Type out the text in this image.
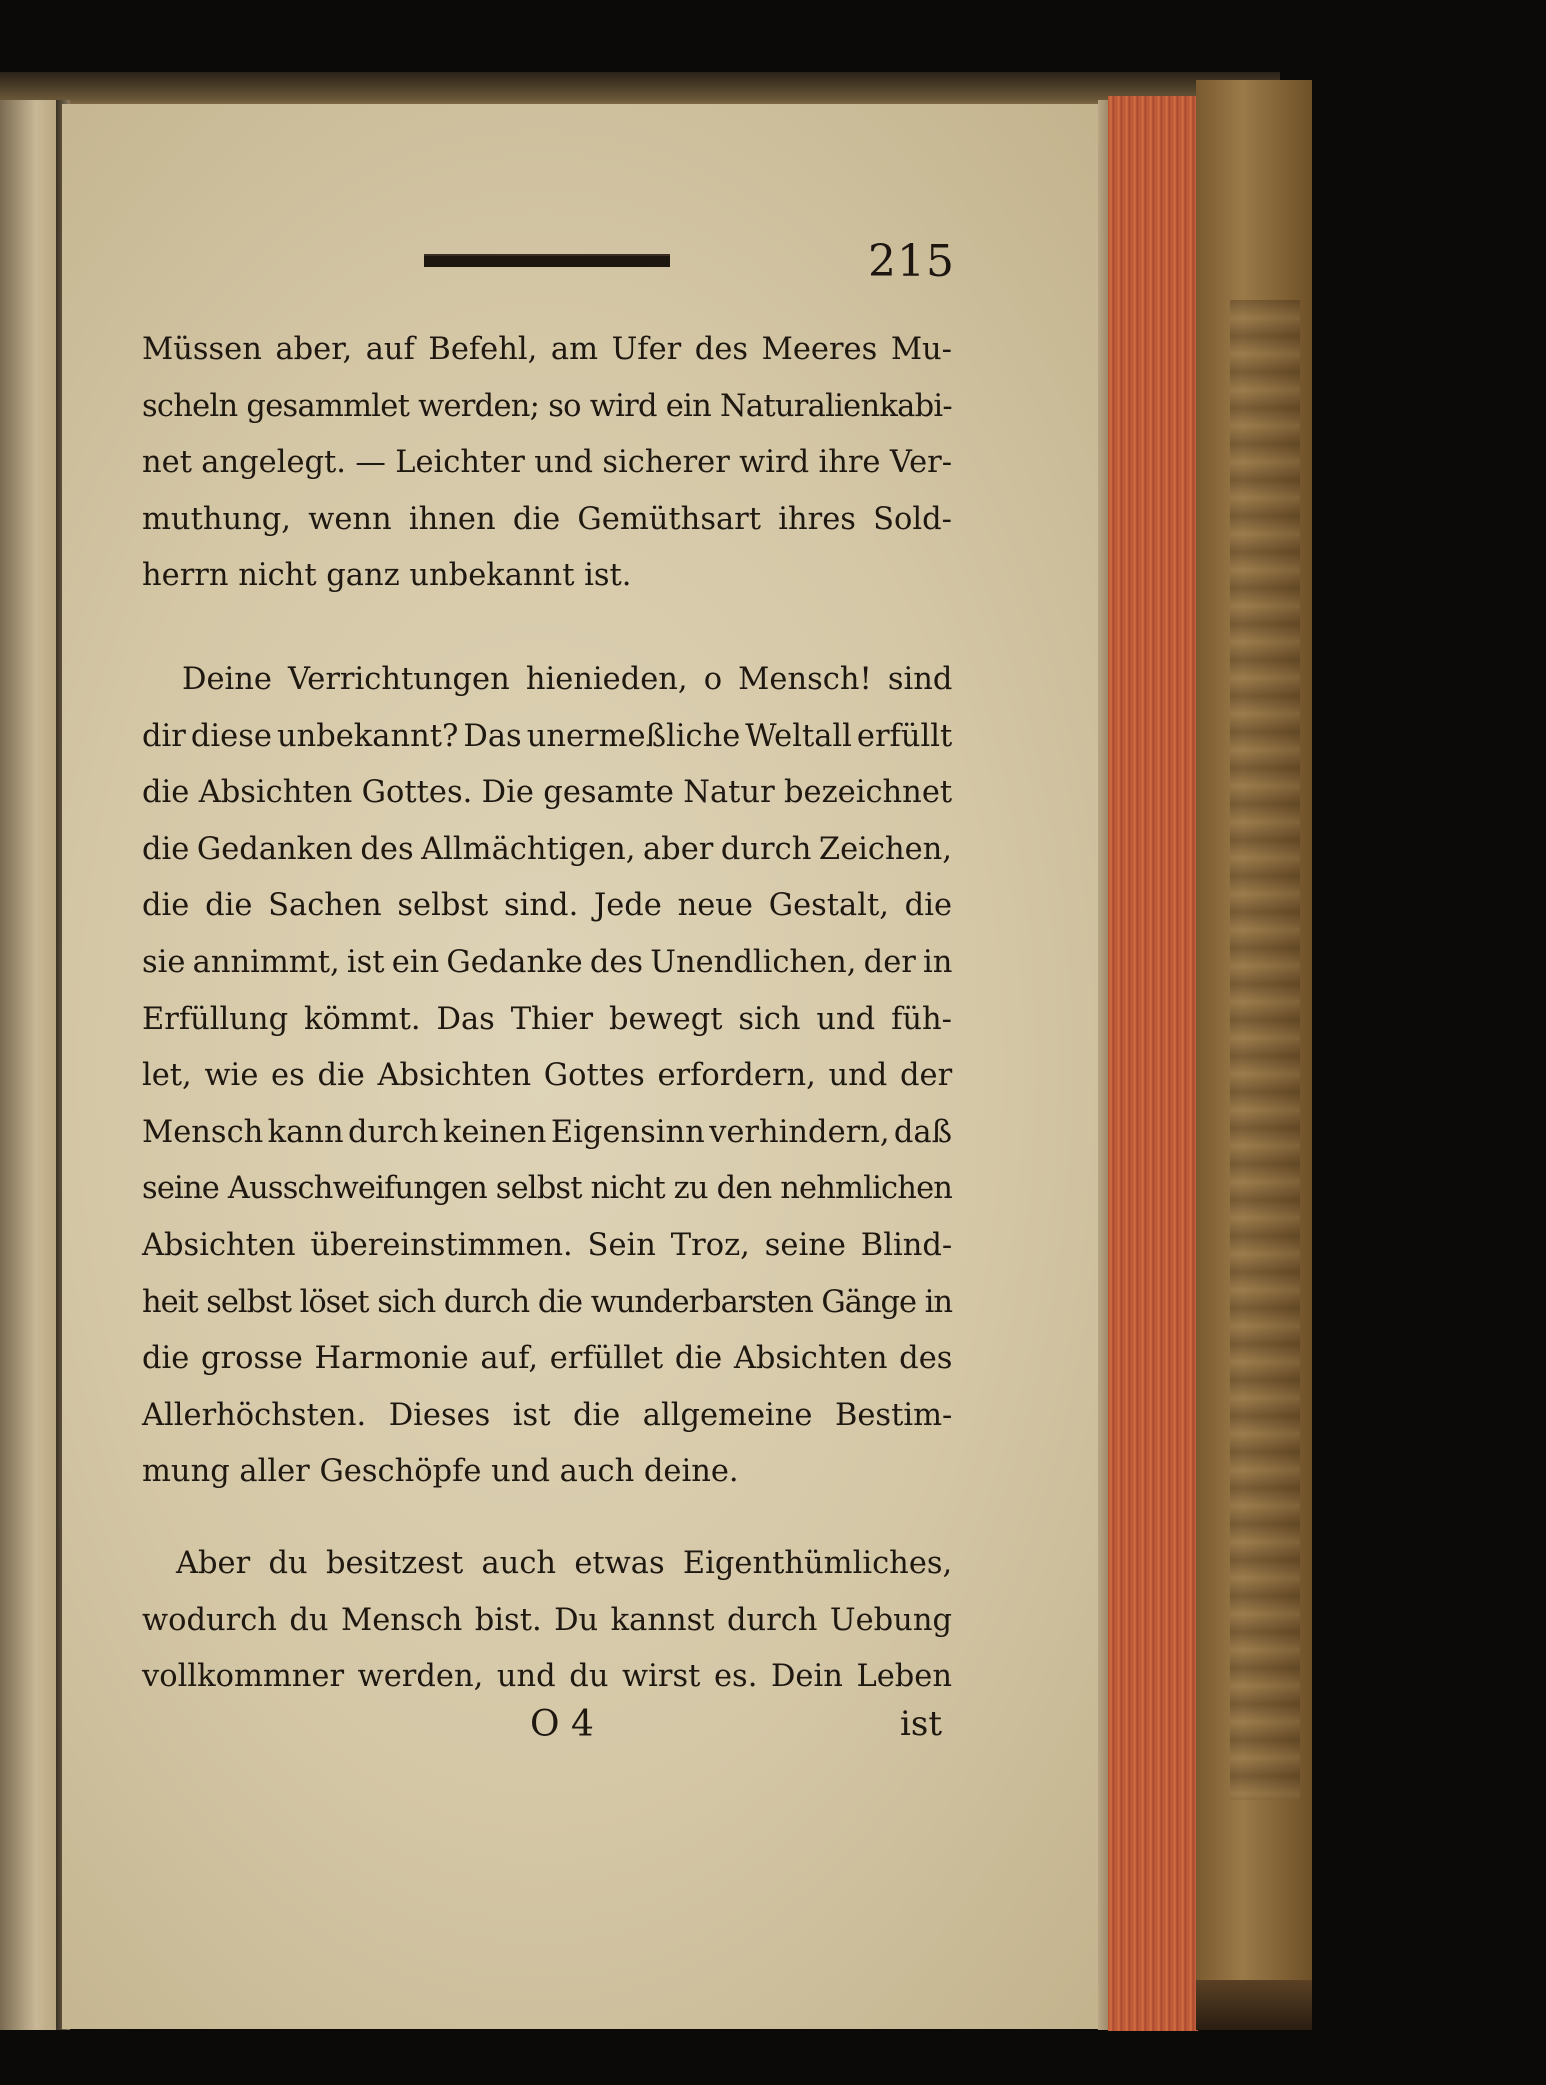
215
Müssen aber, auf Befehl, am Ufer des Meeres Mu-
scheln gesammlet werden; so wird ein Naturalienkabi-
net angelegt. — Leichter und sicherer wird ihre Ver-
muthung, wenn ihnen die Gemüthsart ihres Sold-
herrn nicht ganz unbekannt ist.
Deine Verrichtungen hienieden, o Mensch! sind
dir diese unbekannt? Das unermeßliche Weltall erfüllt
die Absichten Gottes. Die gesamte Natur bezeichnet
die Gedanken des Allmächtigen, aber durch Zeichen,
die die Sachen selbst sind. Jede neue Gestalt, die
sie annimmt, ist ein Gedanke des Unendlichen, der in
Erfüllung kömmt. Das Thier bewegt sich und füh-
let, wie es die Absichten Gottes erfordern, und der
Mensch kann durch keinen Eigensinn verhindern, daß
seine Ausschweifungen selbst nicht zu den nehmlichen
Absichten übereinstimmen. Sein Troz, seine Blind-
heit selbst löset sich durch die wunderbarsten Gänge in
die grosse Harmonie auf, erfüllet die Absichten des
Allerhöchsten. Dieses ist die allgemeine Bestim-
mung aller Geschöpfe und auch deine.
Aber du besitzest auch etwas Eigenthümliches,
wodurch du Mensch bist. Du kannst durch Uebung
vollkommner werden, und du wirst es. Dein Leben
O 4	ist
